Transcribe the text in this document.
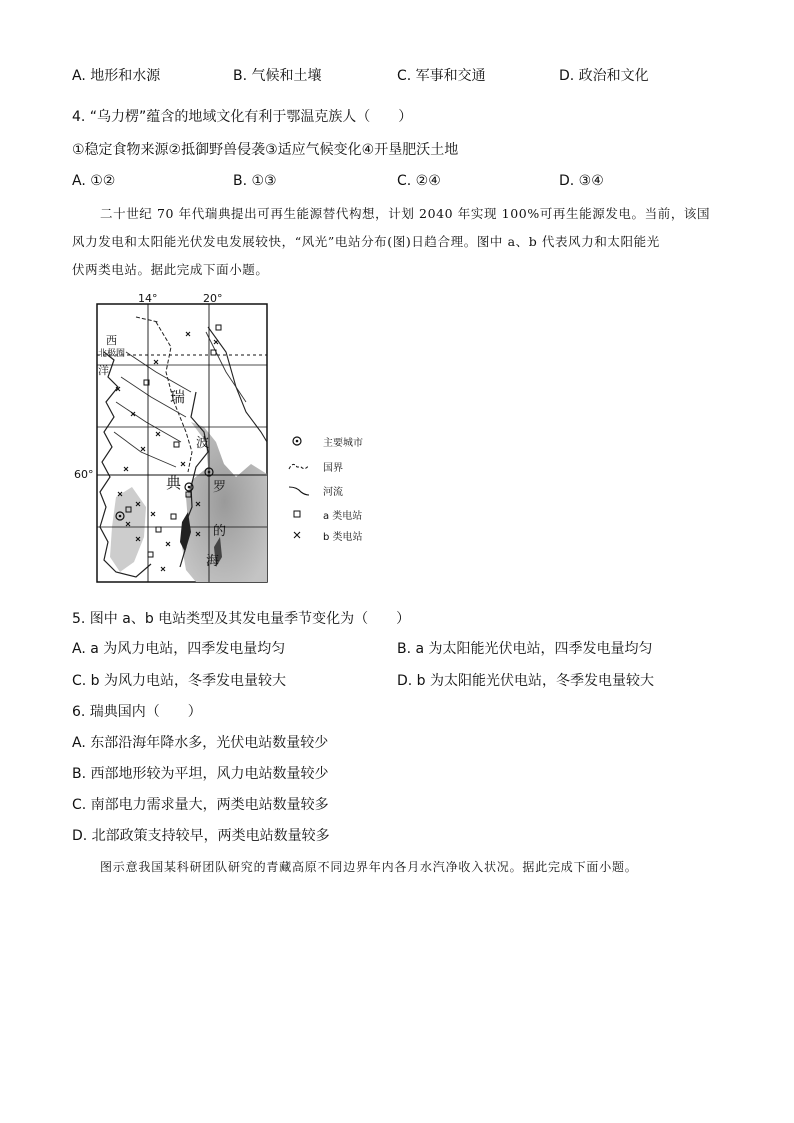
A. 地形和水源	B. 气候和土壤	C. 军事和交通	D. 政治和文化
4. “乌力楞”蕴含的地域文化有利于鄂温克族人（　　）
①稳定食物来源②抵御野兽侵袭③适应气候变化④开垦肥沃土地
A. ①②	B. ①③	C. ②④	D. ③④
二十世纪 70 年代瑞典提出可再生能源替代构想，计划 2040 年实现 100%可再生能源发电。当前，该国
风力发电和太阳能光伏发电发展较快，“风光”电站分布(图)日趋合理。图中 a、b 代表风力和太阳能光
伏两类电站。据此完成下面小题。
14°	20°
60°
西
北极圈
洋
瑞
典
波
罗
的
海
主要城市
国界
河流
a 类电站
b 类电站
5. 图中 a、b 电站类型及其发电量季节变化为（　　）
A. a 为风力电站，四季发电量均匀	B. a 为太阳能光伏电站，四季发电量均匀
C. b 为风力电站，冬季发电量较大	D. b 为太阳能光伏电站，冬季发电量较大
6. 瑞典国内（　　）
A. 东部沿海年降水多，光伏电站数量较少
B. 西部地形较为平坦，风力电站数量较少
C. 南部电力需求量大，两类电站数量较多
D. 北部政策支持较早，两类电站数量较多
图示意我国某科研团队研究的青藏高原不同边界年内各月水汽净收入状况。据此完成下面小题。
